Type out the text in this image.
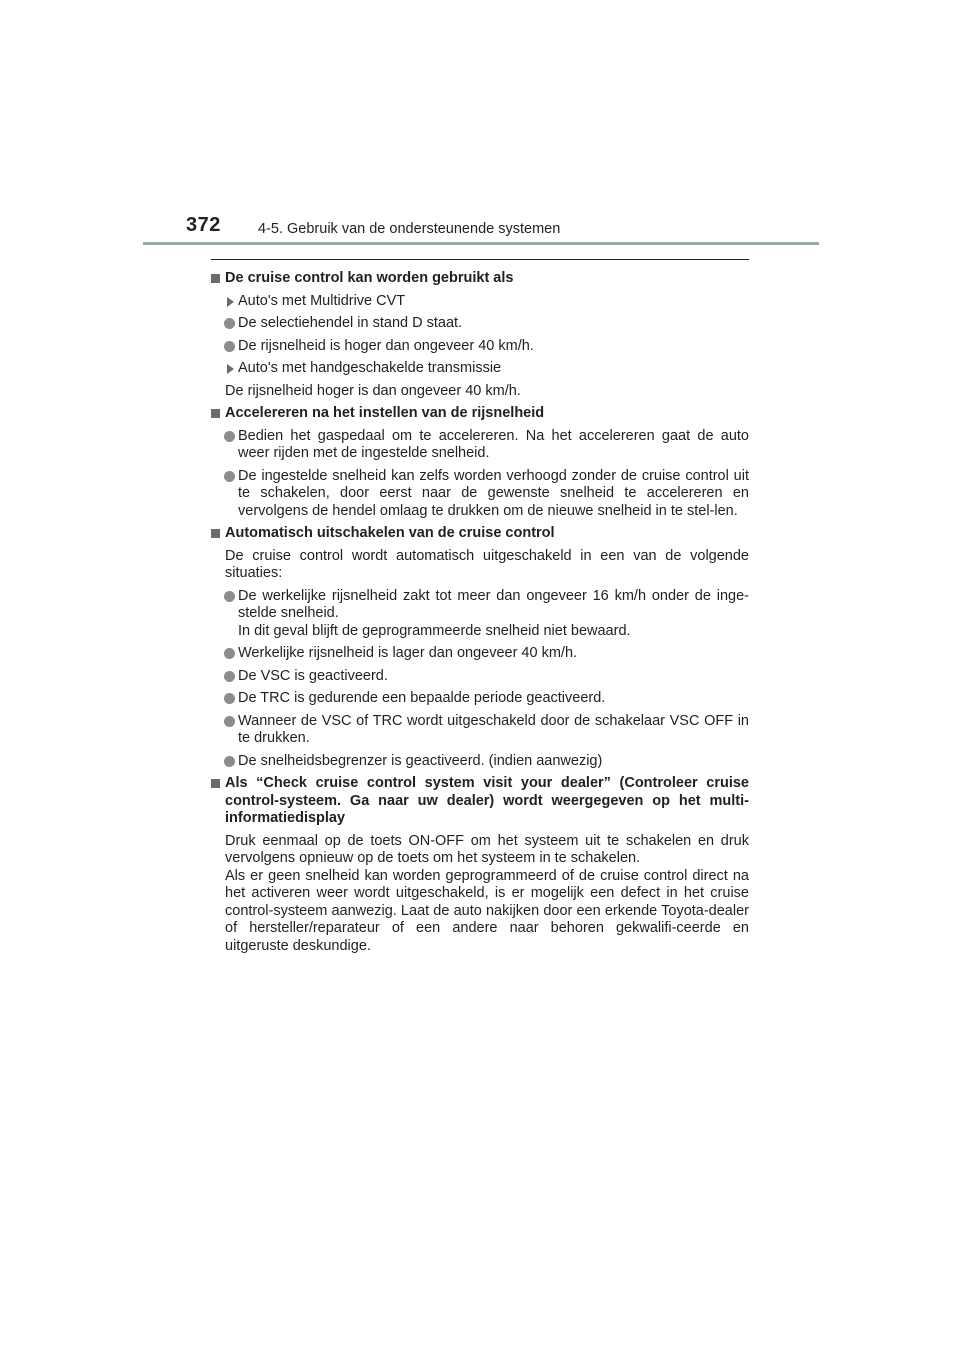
372	4-5. Gebruik van de ondersteunende systemen
De cruise control kan worden gebruikt als
Auto's met Multidrive CVT
De selectiehendel in stand D staat.
De rijsnelheid is hoger dan ongeveer 40 km/h.
Auto's met handgeschakelde transmissie
De rijsnelheid hoger is dan ongeveer 40 km/h.
Accelereren na het instellen van de rijsnelheid
Bedien het gaspedaal om te accelereren. Na het accelereren gaat de auto weer rijden met de ingestelde snelheid.
De ingestelde snelheid kan zelfs worden verhoogd zonder de cruise control uit te schakelen, door eerst naar de gewenste snelheid te accelereren en vervolgens de hendel omlaag te drukken om de nieuwe snelheid in te stel-len.
Automatisch uitschakelen van de cruise control
De cruise control wordt automatisch uitgeschakeld in een van de volgende situaties:
De werkelijke rijsnelheid zakt tot meer dan ongeveer 16 km/h onder de inge-stelde snelheid.
In dit geval blijft de geprogrammeerde snelheid niet bewaard.
Werkelijke rijsnelheid is lager dan ongeveer 40 km/h.
De VSC is geactiveerd.
De TRC is gedurende een bepaalde periode geactiveerd.
Wanneer de VSC of TRC wordt uitgeschakeld door de schakelaar VSC OFF in te drukken.
De snelheidsbegrenzer is geactiveerd. (indien aanwezig)
Als “Check cruise control system visit your dealer” (Controleer cruise control-systeem. Ga naar uw dealer) wordt weergegeven op het multi-informatiedisplay
Druk eenmaal op de toets ON-OFF om het systeem uit te schakelen en druk vervolgens opnieuw op de toets om het systeem in te schakelen.
Als er geen snelheid kan worden geprogrammeerd of de cruise control direct na het activeren weer wordt uitgeschakeld, is er mogelijk een defect in het cruise control-systeem aanwezig. Laat de auto nakijken door een erkende Toyota-dealer of hersteller/reparateur of een andere naar behoren gekwalifi-ceerde en uitgeruste deskundige.
